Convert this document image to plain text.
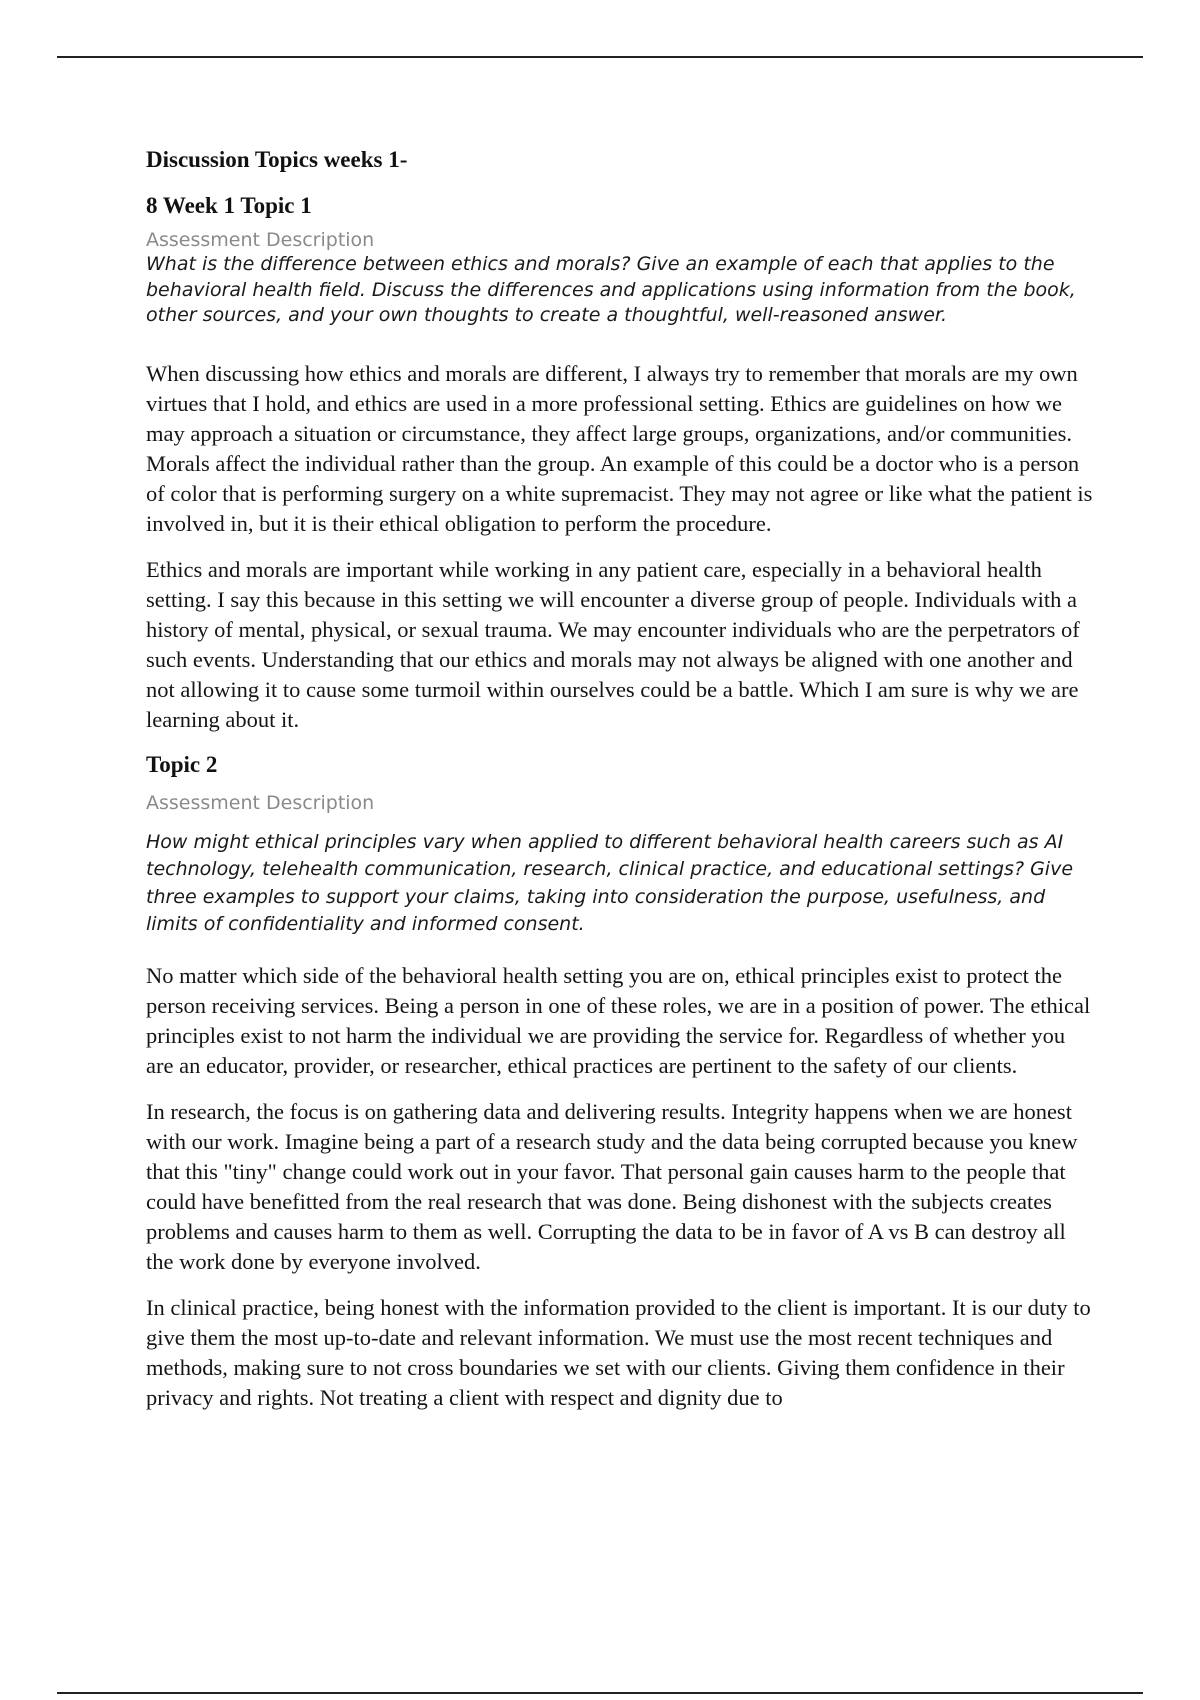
Discussion Topics weeks 1-

8 Week 1 Topic 1

Assessment Description

What is the difference between ethics and morals? Give an example of each that applies to the behavioral health field. Discuss the differences and applications using information from the book, other sources, and your own thoughts to create a thoughtful, well-reasoned answer.

When discussing how ethics and morals are different, I always try to remember that morals are my own virtues that I hold, and ethics are used in a more professional setting. Ethics are guidelines on how we may approach a situation or circumstance, they affect large groups, organizations, and/or communities. Morals affect the individual rather than the group. An example of this could be a doctor who is a person of color that is performing surgery on a white supremacist. They may not agree or like what the patient is involved in, but it is their ethical obligation to perform the procedure.

Ethics and morals are important while working in any patient care, especially in a behavioral health setting. I say this because in this setting we will encounter a diverse group of people. Individuals with a history of mental, physical, or sexual trauma. We may encounter individuals who are the perpetrators of such events. Understanding that our ethics and morals may not always be aligned with one another and not allowing it to cause some turmoil within ourselves could be a battle. Which I am sure is why we are learning about it.

Topic 2

Assessment Description

How might ethical principles vary when applied to different behavioral health careers such as AI technology, telehealth communication, research, clinical practice, and educational settings? Give three examples to support your claims, taking into consideration the purpose, usefulness, and limits of confidentiality and informed consent.

No matter which side of the behavioral health setting you are on, ethical principles exist to protect the person receiving services. Being a person in one of these roles, we are in a position of power. The ethical principles exist to not harm the individual we are providing the service for. Regardless of whether you are an educator, provider, or researcher, ethical practices are pertinent to the safety of our clients.

In research, the focus is on gathering data and delivering results. Integrity happens when we are honest with our work. Imagine being a part of a research study and the data being corrupted because you knew that this "tiny" change could work out in your favor. That personal gain causes harm to the people that could have benefitted from the real research that was done. Being dishonest with the subjects creates problems and causes harm to them as well. Corrupting the data to be in favor of A vs B can destroy all the work done by everyone involved.

In clinical practice, being honest with the information provided to the client is important. It is our duty to give them the most up-to-date and relevant information. We must use the most recent techniques and methods, making sure to not cross boundaries we set with our clients. Giving them confidence in their privacy and rights. Not treating a client with respect and dignity due to
